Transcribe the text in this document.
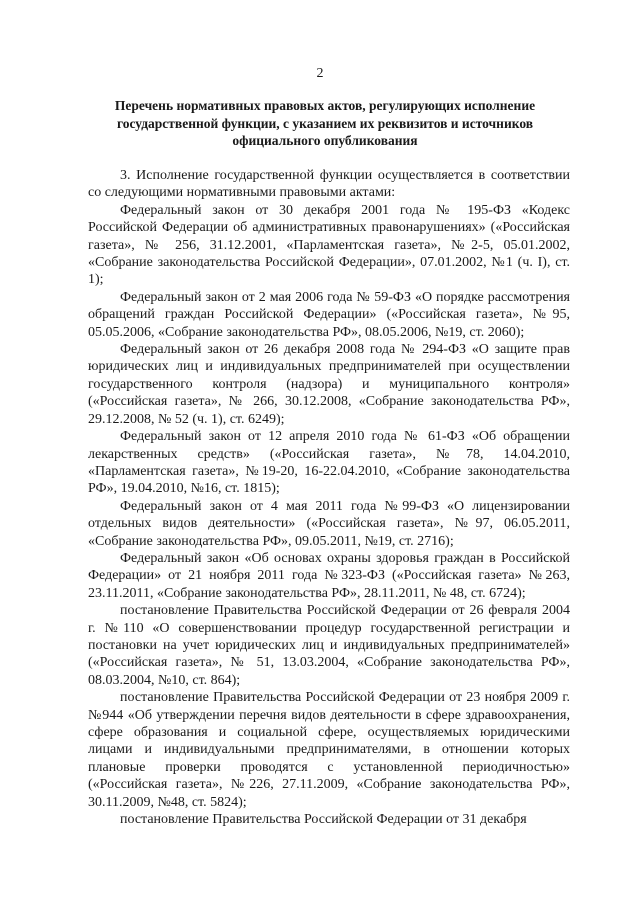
2
Перечень нормативных правовых актов, регулирующих исполнение государственной функции, с указанием их реквизитов и источников официального опубликования

3. Исполнение государственной функции осуществляется в соответствии со следующими нормативными правовыми актами:

Федеральный закон от 30 декабря 2001 года № 195-ФЗ «Кодекс Российской Федерации об административных правонарушениях» («Российская газета», № 256, 31.12.2001, «Парламентская газета», №2-5, 05.01.2002, «Собрание законодательства Российской Федерации», 07.01.2002, №1 (ч. I), ст. 1);

Федеральный закон от 2 мая 2006 года № 59-ФЗ «О порядке рассмотрения обращений граждан Российской Федерации» («Российская газета», №95, 05.05.2006, «Собрание законодательства РФ», 08.05.2006, №19, ст. 2060);

Федеральный закон от 26 декабря 2008 года № 294-ФЗ «О защите прав юридических лиц и индивидуальных предпринимателей при осуществлении государственного контроля (надзора) и муниципального контроля» («Российская газета», № 266, 30.12.2008, «Собрание законодательства РФ», 29.12.2008, № 52 (ч. 1), ст. 6249);

Федеральный закон от 12 апреля 2010 года № 61-ФЗ «Об обращении лекарственных средств» («Российская газета», №78, 14.04.2010, «Парламентская газета», №19-20, 16-22.04.2010, «Собрание законодательства РФ», 19.04.2010, №16, ст. 1815);

Федеральный закон от 4 мая 2011 года №99-ФЗ «О лицензировании отдельных видов деятельности» («Российская газета», №97, 06.05.2011, «Собрание законодательства РФ», 09.05.2011, №19, ст. 2716);

Федеральный закон «Об основах охраны здоровья граждан в Российской Федерации» от 21 ноября 2011 года №323-ФЗ («Российская газета» №263, 23.11.2011, «Собрание законодательства РФ», 28.11.2011, № 48, ст. 6724);

постановление Правительства Российской Федерации от 26 февраля 2004 г. №110 «О совершенствовании процедур государственной регистрации и постановки на учет юридических лиц и индивидуальных предпринимателей» («Российская газета», № 51, 13.03.2004, «Собрание законодательства РФ», 08.03.2004, №10, ст. 864);

постановление Правительства Российской Федерации от 23 ноября 2009 г. №944 «Об утверждении перечня видов деятельности в сфере здравоохранения, сфере образования и социальной сфере, осуществляемых юридическими лицами и индивидуальными предпринимателями, в отношении которых плановые проверки проводятся с установленной периодичностью» («Российская газета», №226, 27.11.2009, «Собрание законодательства РФ», 30.11.2009, №48, ст. 5824);

постановление Правительства Российской Федерации от 31 декабря
